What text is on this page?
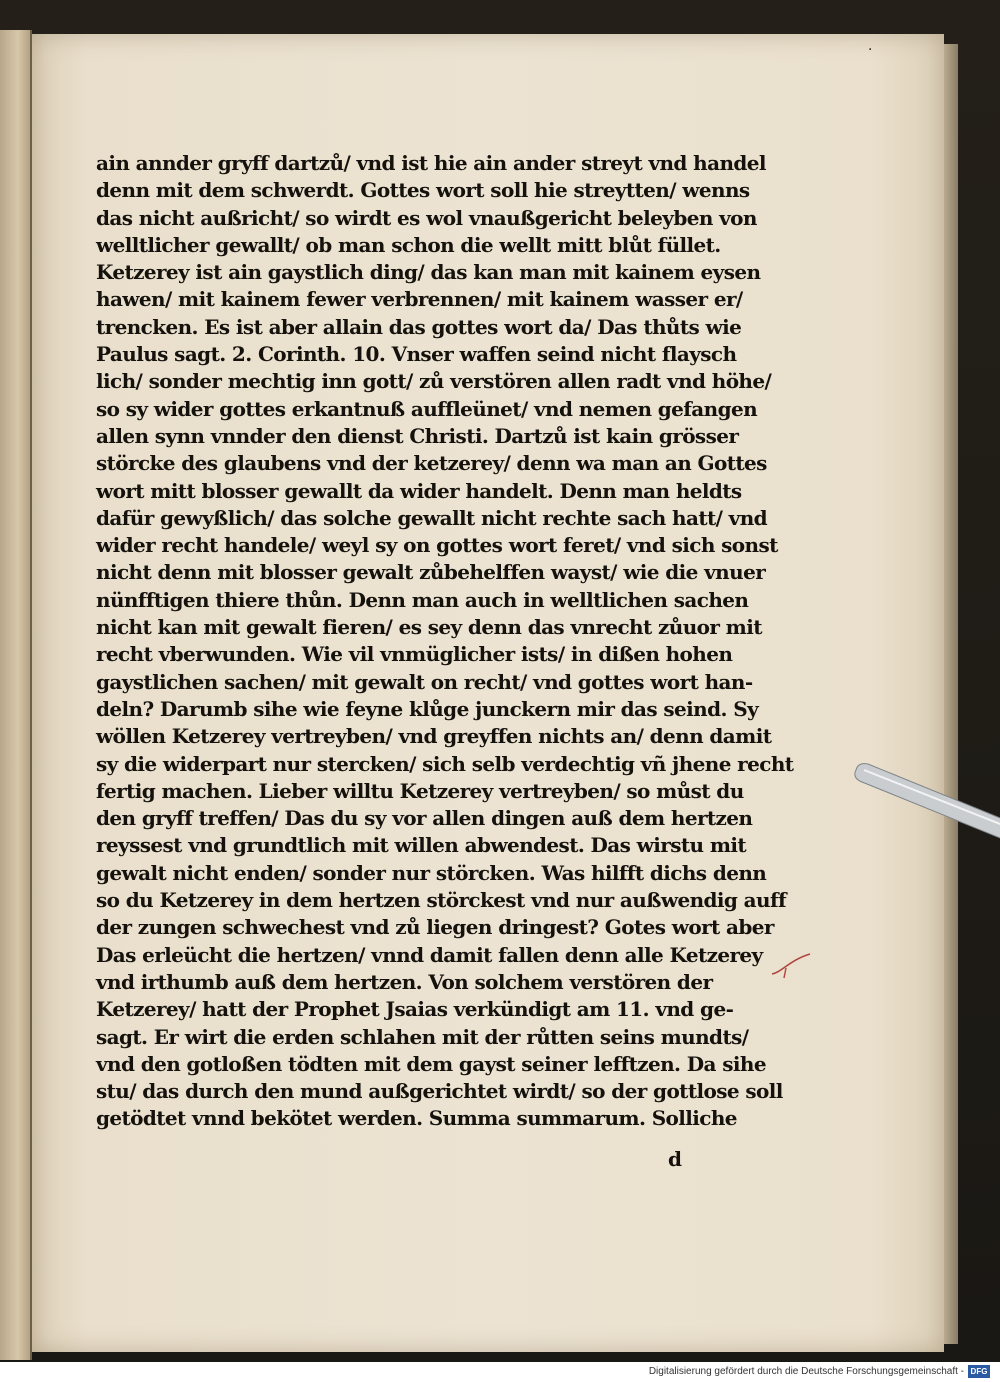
.
ain annder gryff dartzů/ vnd ist hie ain ander streyt vnd handel
denn mit dem schwerdt. Gottes wort soll hie streytten/ wenns
das nicht außricht/ so wirdt es wol vnaußgericht beleyben von
welltlicher gewallt/ ob man schon die wellt mitt blůt füllet.
Ketzerey ist ain gaystlich ding/ das kan man mit kainem eysen
hawen/ mit kainem fewer verbrennen/ mit kainem wasser er/
trencken. Es ist aber allain das gottes wort da/ Das thůts wie
Paulus sagt. 2. Corinth. 10. Vnser waffen seind nicht flaysch
lich/ sonder mechtig inn gott/ zů verstören allen radt vnd höhe/
so sy wider gottes erkantnuß auffleünet/ vnd nemen gefangen
allen synn vnnder den dienst Christi. Dartzů ist kain grösser
störcke des glaubens vnd der ketzerey/ denn wa man an Gottes
wort mitt blosser gewallt da wider handelt. Denn man heldts
dafür gewyßlich/ das solche gewallt nicht rechte sach hatt/ vnd
wider recht handele/ weyl sy on gottes wort feret/ vnd sich sonst
nicht denn mit blosser gewalt zůbehelffen wayst/ wie die vnuer
nünfftigen thiere thůn. Denn man auch in welltlichen sachen
nicht kan mit gewalt fieren/ es sey denn das vnrecht zůuor mit
recht vberwunden. Wie vil vnmüglicher ists/ in dißen hohen
gaystlichen sachen/ mit gewalt on recht/ vnd gottes wort han-
deln? Darumb sihe wie feyne klůge junckern mir das seind. Sy
wöllen Ketzerey vertreyben/ vnd greyffen nichts an/ denn damit
sy die widerpart nur stercken/ sich selb verdechtig vñ jhene recht
fertig machen. Lieber willtu Ketzerey vertreyben/ so můst du
den gryff treffen/ Das du sy vor allen dingen auß dem hertzen
reyssest vnd grundtlich mit willen abwendest. Das wirstu mit
gewalt nicht enden/ sonder nur störcken. Was hilfft dichs denn
so du Ketzerey in dem hertzen störckest vnd nur außwendig auff
der zungen schwechest vnd zů liegen dringest? Gotes wort aber
Das erleücht die hertzen/ vnnd damit fallen denn alle Ketzerey
vnd irthumb auß dem hertzen. Von solchem verstören der
Ketzerey/ hatt der Prophet Jsaias verkündigt am 11. vnd ge-
sagt. Er wirt die erden schlahen mit der růtten seins mundts/
vnd den gotloßen tödten mit dem gayst seiner lefftzen. Da sihe
stu/ das durch den mund außgerichtet wirdt/ so der gottlose soll
getödtet vnnd bekötet werden. Summa summarum. Solliche
d
Digitalisierung gefördert durch die Deutsche Forschungsgemeinschaft - DFG
